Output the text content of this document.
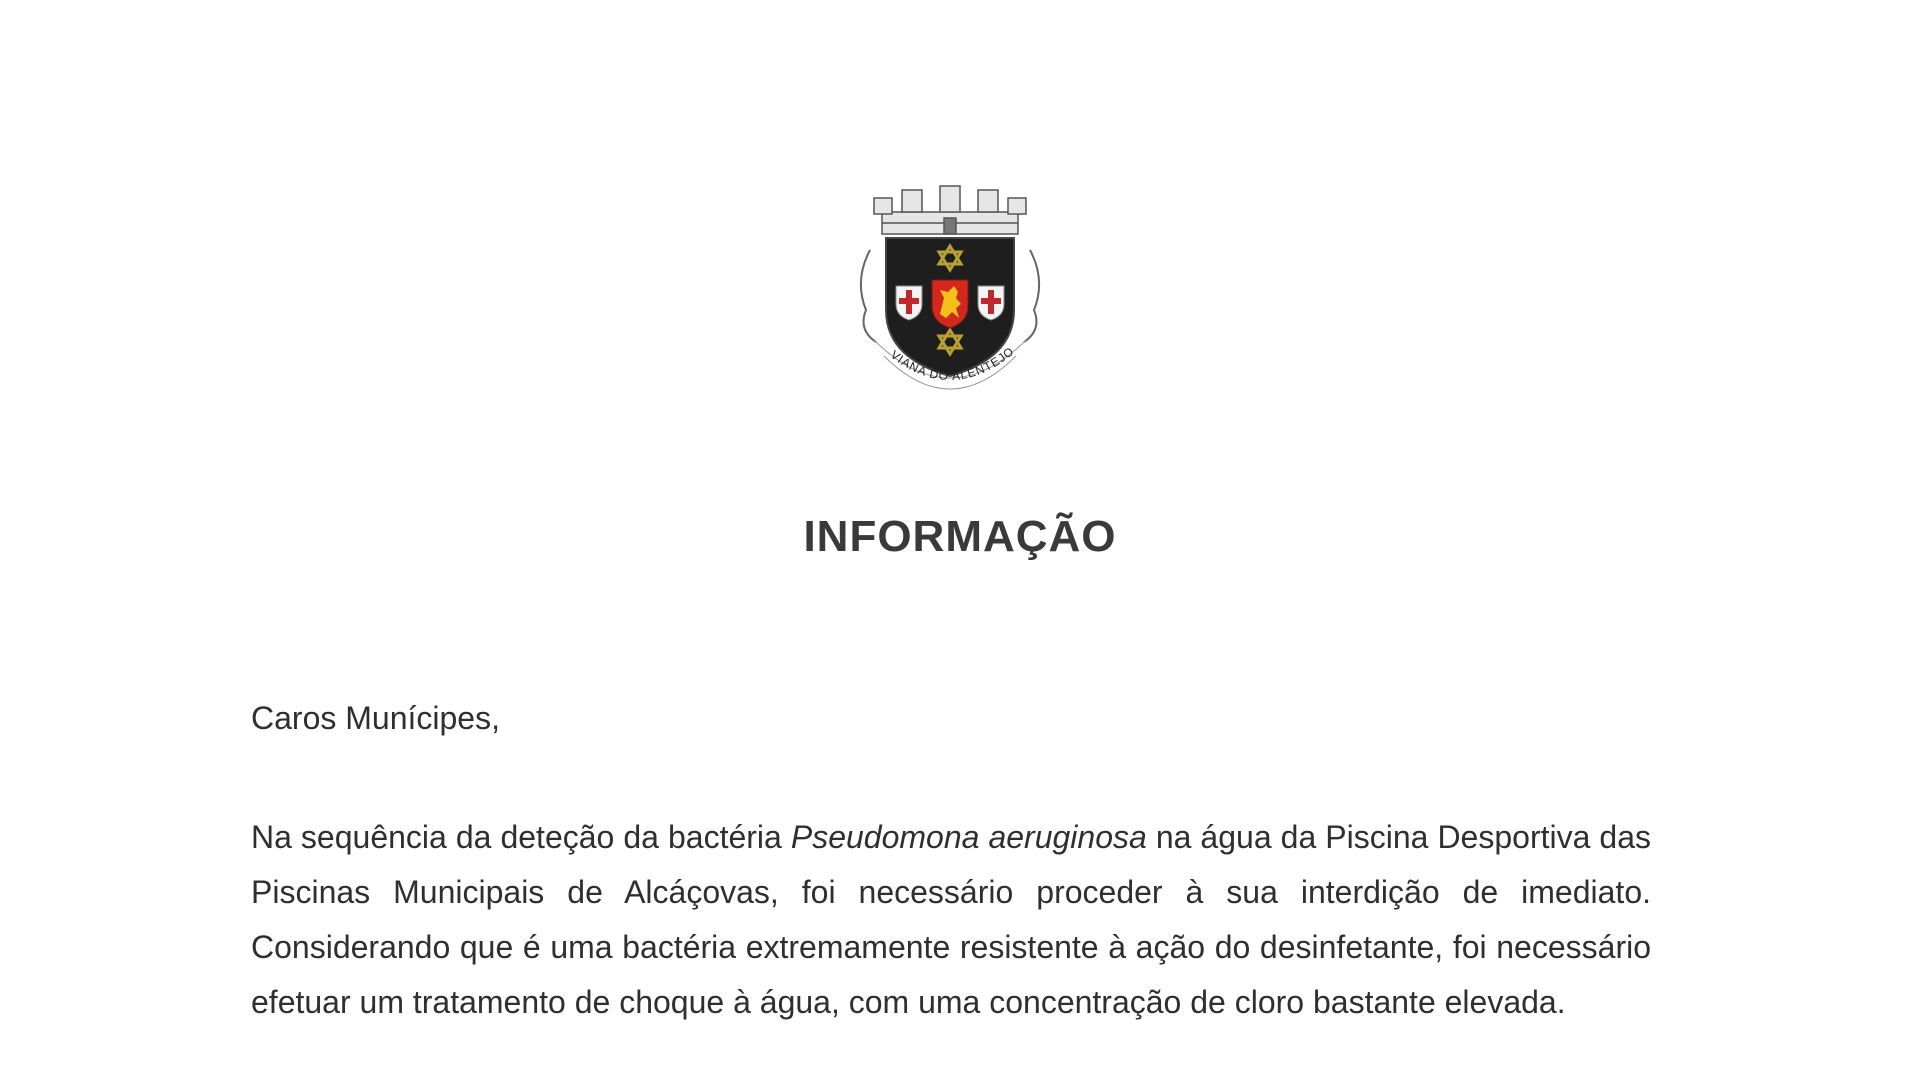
VIANA DO ALENTEJO
INFORMAÇÃO
Caros Munícipes,
Na sequência da deteção da bactéria Pseudomona aeruginosa na água da Piscina Desportiva das Piscinas Municipais de Alcáçovas, foi necessário proceder à sua interdição de imediato. Considerando que é uma bactéria extremamente resistente à ação do desinfetante, foi necessário efetuar um tratamento de choque à água, com uma concentração de cloro bastante elevada.
